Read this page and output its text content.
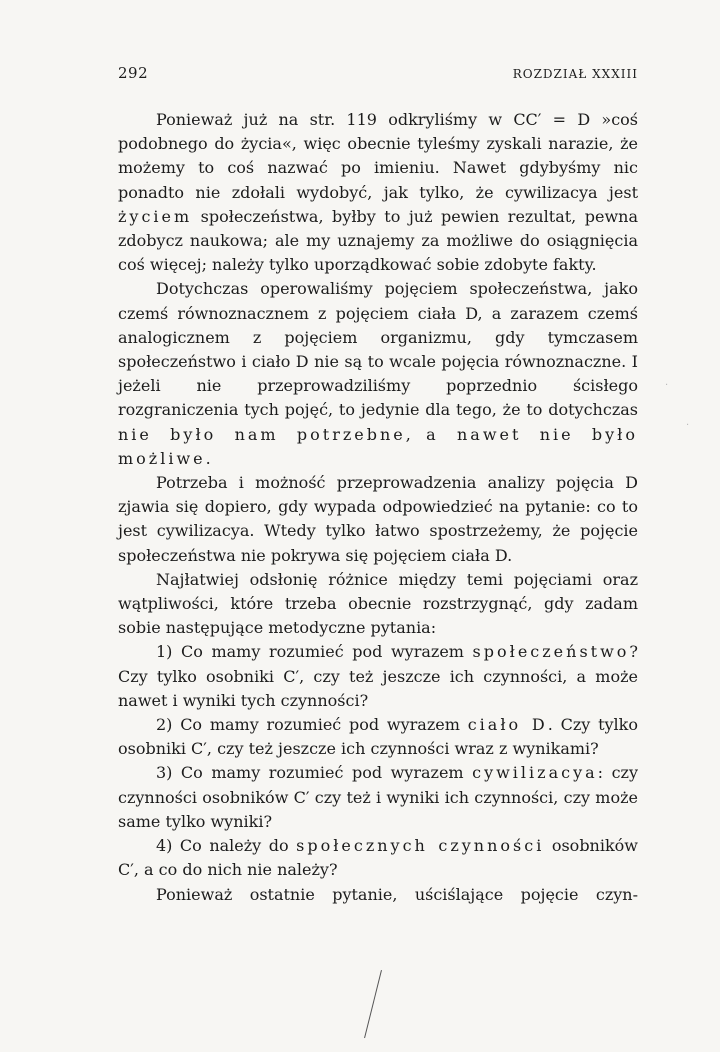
292	ROZDZIAŁ XXXIII

Ponieważ już na str. 119 odkryliśmy w CC′ = D »coś podobnego do życia«, więc obecnie tyleśmy zyskali narazie, że możemy to coś nazwać po imieniu. Nawet gdybyśmy nic ponadto nie zdołali wydobyć, jak tylko, że cywilizacya jest życiem społeczeństwa, byłby to już pewien rezultat, pewna zdobycz naukowa; ale my uznajemy za możliwe do osiągnięcia coś więcej; należy tylko uporządkować sobie zdobyte fakty.

Dotychczas operowaliśmy pojęciem społeczeństwa, jako czemś równoznacznem z pojęciem ciała D, a zarazem czemś analogicznem z pojęciem organizmu, gdy tymczasem społeczeństwo i ciało D nie są to wcale pojęcia równoznaczne. I jeżeli nie przeprowadziliśmy poprzednio ścisłego rozgraniczenia tych pojęć, to jedynie dla tego, że to dotychczas nie było nam potrzebne, a nawet nie było możliwe.

Potrzeba i możność przeprowadzenia analizy pojęcia D zjawia się dopiero, gdy wypada odpowiedzieć na pytanie: co to jest cywilizacya. Wtedy tylko łatwo spostrzeżemy, że pojęcie społeczeństwa nie pokrywa się pojęciem ciała D.

Najłatwiej odsłonię różnice między temi pojęciami oraz wątpliwości, które trzeba obecnie rozstrzygnąć, gdy zadam sobie następujące metodyczne pytania:

1) Co mamy rozumieć pod wyrazem społeczeństwo? Czy tylko osobniki C′, czy też jeszcze ich czynności, a może nawet i wyniki tych czynności?

2) Co mamy rozumieć pod wyrazem ciało D. Czy tylko osobniki C′, czy też jeszcze ich czynności wraz z wynikami?

3) Co mamy rozumieć pod wyrazem cywilizacya: czy czynności osobników C′ czy też i wyniki ich czynności, czy może same tylko wyniki?

4) Co należy do społecznych czynności osobników C′, a co do nich nie należy?

Ponieważ ostatnie pytanie, uściślające pojęcie czyn-

·
·
